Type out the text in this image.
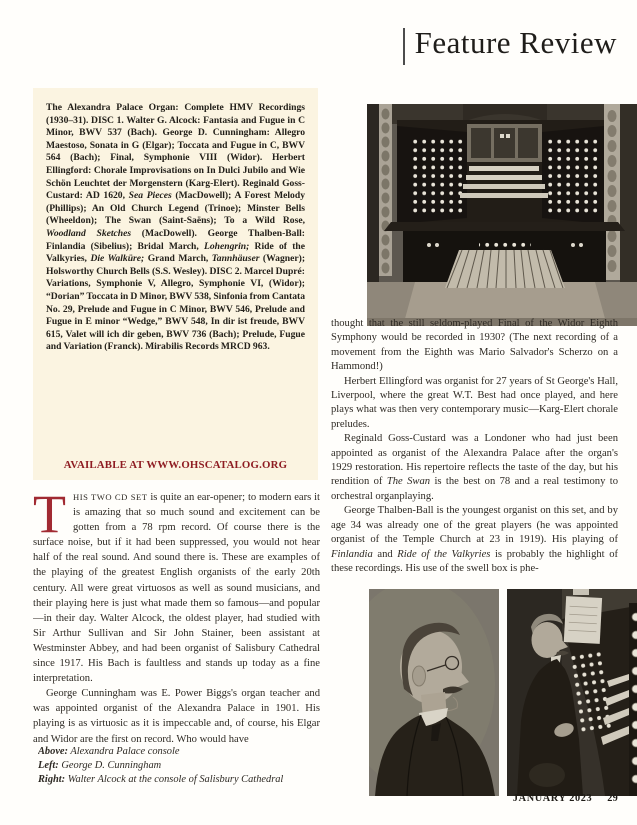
Feature Review
The Alexandra Palace Organ: Complete HMV Recordings (1930–31). DISC 1. Walter G. Alcock: Fantasia and Fugue in C Minor, BWV 537 (Bach). George D. Cunningham: Allegro Maestoso, Sonata in G (Elgar); Toccata and Fugue in C, BWV 564 (Bach); Final, Symphonie VIII (Widor). Herbert Ellingford: Chorale Improvisations on In Dulci Jubilo and Wie Schön Leuchtet der Morgenstern (Karg-Elert). Reginald Goss-Custard: AD 1620, Sea Pieces (MacDowell); A Forest Melody (Phillips); An Old Church Legend (Trinoe); Minster Bells (Wheeldon); The Swan (Saint-Saëns); To a Wild Rose, Woodland Sketches (MacDowell). George Thalben-Ball: Finlandia (Sibelius); Bridal March, Lohengrin; Ride of the Valkyries, Die Walküre; Grand March, Tannhäuser (Wagner); Holsworthy Church Bells (S.S. Wesley). DISC 2. Marcel Dupré: Variations, Symphonie V, Allegro, Symphonie VI, (Widor); “Dorian” Toccata in D Minor, BWV 538, Sinfonia from Cantata No. 29, Prelude and Fugue in C Minor, BWV 546, Prelude and Fugue in E minor “Wedge,” BWV 548, In dir ist freude, BWV 615, Valet will ich dir geben, BWV 736 (Bach); Prelude, Fugue and Variation (Franck). Mirabilis Records MRCD 963.
AVAILABLE AT WWW.OHSCATALOG.ORG

THIS TWO CD SET is quite an ear-opener; to modern ears it is amazing that so much sound and excitement can be gotten from a 78 rpm record. Of course there is the surface noise, but if it had been suppressed, you would not hear half of the real sound. And sound there is. These are examples of the playing of the greatest English organists of the early 20th century. All were great virtuosos as well as sound musicians, and their playing here is just what made them so famous—and popular—in their day. Walter Alcock, the oldest player, had studied with Sir Arthur Sullivan and Sir John Stainer, been assistant at Westminster Abbey, and had been organist of Salisbury Cathedral since 1917. His Bach is faultless and stands up today as a fine interpretation.

George Cunningham was E. Power Biggs's organ teacher and was appointed organist of the Alexandra Palace in 1901. His playing is as virtuosic as it is impeccable and, of course, his Elgar and Widor are the first on record. Who would have

thought that the still seldom-played Final of the Widor Eighth Symphony would be recorded in 1930? (The next recording of a movement from the Eighth was Mario Salvador's Scherzo on a Hammond!)

Herbert Ellingford was organist for 27 years of St George's Hall, Liverpool, where the great W.T. Best had once played, and here plays what was then very contemporary music—Karg-Elert chorale preludes.

Reginald Goss-Custard was a Londoner who had just been appointed as organist of the Alexandra Palace after the organ's 1929 restoration. His repertoire reflects the taste of the day, but his rendition of The Swan is the best on 78 and a real testimony to orchestral organplaying.

George Thalben-Ball is the youngest organist on this set, and by age 34 was already one of the great players (he was appointed organist of the Temple Church at 23 in 1919). His playing of Finlandia and Ride of the Valkyries is probably the highlight of these recordings. His use of the swell box is phe-

Above: Alexandra Palace console
Left: George D. Cunningham
Right: Walter Alcock at the console of Salisbury Cathedral
JANUARY 2023 29
